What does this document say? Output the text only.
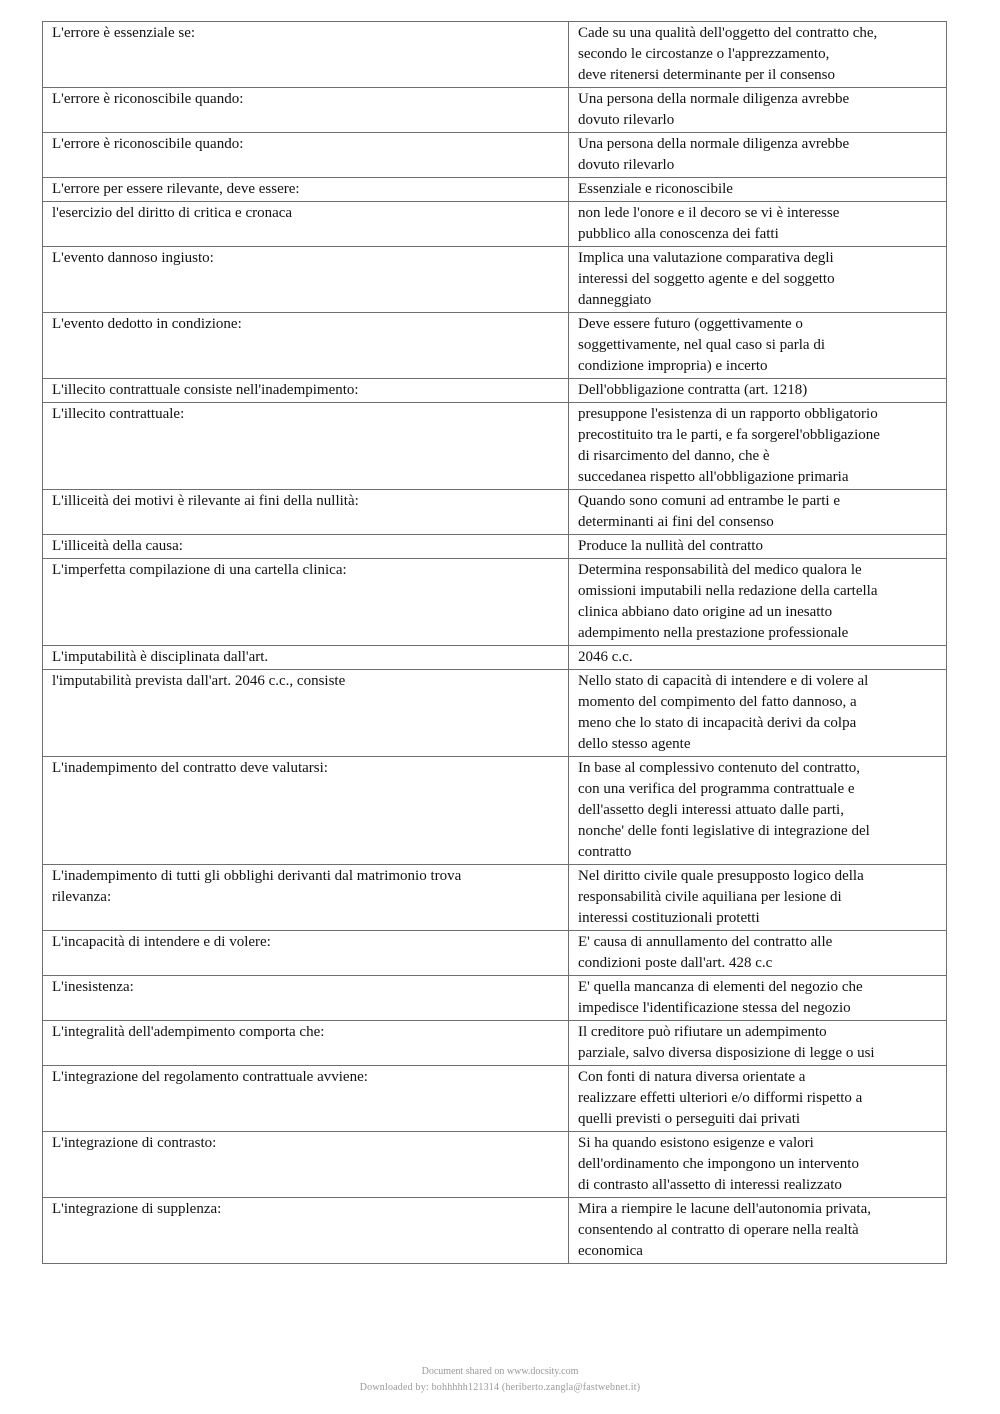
L'errore è essenziale se:	Cade su una qualità dell'oggetto del contratto che,
secondo le circostanze o l'apprezzamento,
deve ritenersi determinante per il consenso
L'errore è riconoscibile quando:	Una persona della normale diligenza avrebbe
dovuto rilevarlo
L'errore è riconoscibile quando:	Una persona della normale diligenza avrebbe
dovuto rilevarlo
L'errore per essere rilevante, deve essere:	Essenziale e riconoscibile
l'esercizio del diritto di critica e cronaca	non lede l'onore e il decoro se vi è interesse
pubblico alla conoscenza dei fatti
L'evento dannoso ingiusto:	Implica una valutazione comparativa degli
interessi del soggetto agente e del soggetto
danneggiato
L'evento dedotto in condizione:	Deve essere futuro (oggettivamente o
soggettivamente, nel qual caso si parla di
condizione impropria) e incerto
L'illecito contrattuale consiste nell'inadempimento:	Dell'obbligazione contratta (art. 1218)

L'illecito contrattuale:	presuppone l'esistenza di un rapporto obbligatorio
precostituito tra le parti, e fa sorgerel'obbligazione
di risarcimento del danno, che è
succedanea rispetto all'obbligazione primaria
L'illiceità dei motivi è rilevante ai fini della nullità:	Quando sono comuni ad entrambe le parti e
determinanti ai fini del consenso
L'illiceità della causa:	Produce la nullità del contratto
L'imperfetta compilazione di una cartella clinica:	Determina responsabilità del medico qualora le
omissioni imputabili nella redazione della cartella
clinica abbiano dato origine ad un inesatto
adempimento nella prestazione professionale
L'imputabilità è disciplinata dall'art.	2046 c.c.
l'imputabilità prevista dall'art. 2046 c.c., consiste	Nello stato di capacità di intendere e di volere al
momento del compimento del fatto dannoso, a
meno che lo stato di incapacità derivi da colpa
dello stesso agente
L'inadempimento del contratto deve valutarsi:	In base al complessivo contenuto del contratto,
con una verifica del programma contrattuale e
dell'assetto degli interessi attuato dalle parti,
nonche' delle fonti legislative di integrazione del
contratto
L'inadempimento di tutti gli obblighi derivanti dal matrimonio trova
rilevanza:	Nel diritto civile quale presupposto logico della
responsabilità civile aquiliana per lesione di
interessi costituzionali protetti
L'incapacità di intendere e di volere:	E' causa di annullamento del contratto alle
condizioni poste dall'art. 428 c.c
L'inesistenza:	E' quella mancanza di elementi del negozio che
impedisce l'identificazione stessa del negozio
L'integralità dell'adempimento comporta che:	Il creditore può rifiutare un adempimento
parziale, salvo diversa disposizione di legge o usi
L'integrazione del regolamento contrattuale avviene:	Con fonti di natura diversa orientate a
realizzare effetti ulteriori e/o difformi rispetto a
quelli previsti o perseguiti dai privati
L'integrazione di contrasto:	Si ha quando esistono esigenze e valori
dell'ordinamento che impongono un intervento
di contrasto all'assetto di interessi realizzato
L'integrazione di supplenza:	Mira a riempire le lacune dell'autonomia privata,
consentendo al contratto di operare nella realtà
economica
Document shared on www.docsity.com
Downloaded by: bohhhhh121314 (heriberto.zangla@fastwebnet.it)
